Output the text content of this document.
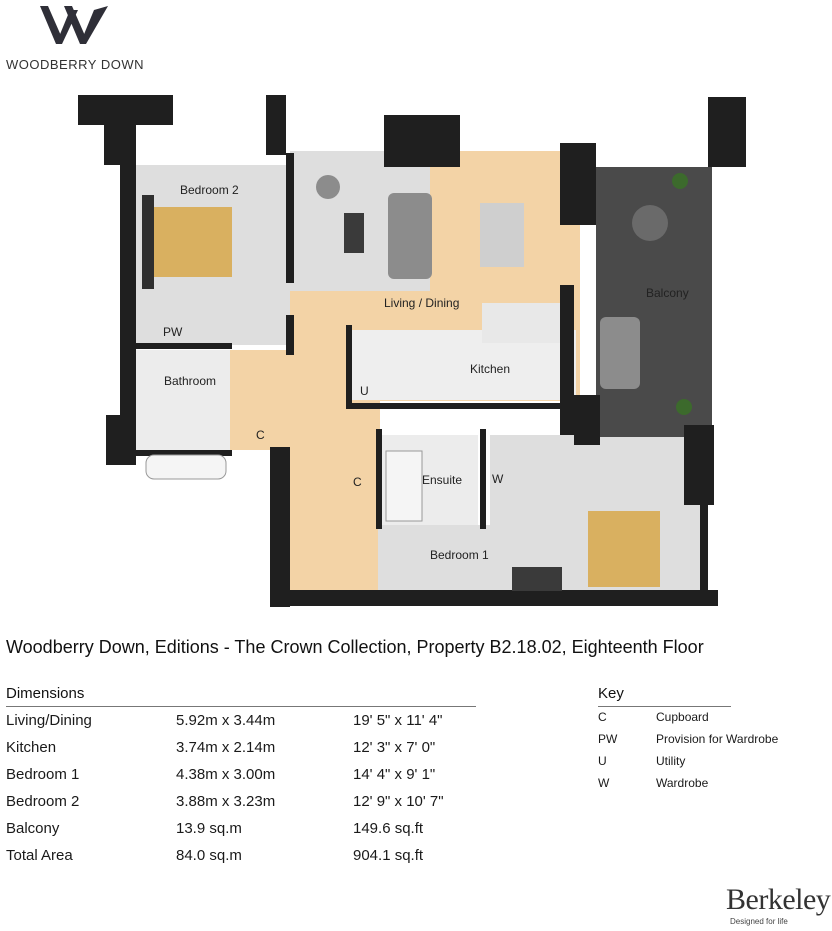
WOODBERRY DOWN
Bedroom 2
PW
Bathroom
C
Living / Dining
Kitchen
U
Balcony
C	Ensuite W
Bedroom 1
Woodberry Down, Editions - The Crown Collection, Property B2.18.02, Eighteenth Floor
Dimensions
Living/Dining	5.92m x 3.44m	19' 5" x 11' 4"
Kitchen	3.74m x 2.14m	12' 3" x 7' 0"
Bedroom 1	4.38m x 3.00m	14' 4" x 9' 1"
Bedroom 2	3.88m x 3.23m	12' 9" x 10' 7"
Balcony	13.9 sq.m	149.6 sq.ft
Total Area	84.0 sq.m	904.1 sq.ft
Key
C	Cupboard
PW	Provision for Wardrobe
U	Utility
W	Wardrobe
Berkeley
Designed for life
